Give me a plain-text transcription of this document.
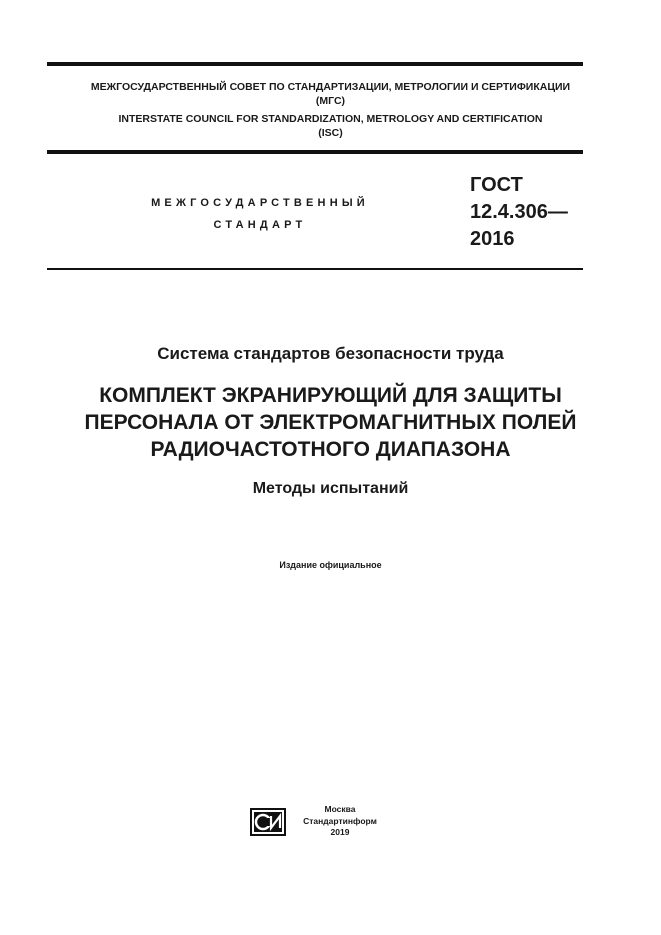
МЕЖГОСУДАРСТВЕННЫЙ СОВЕТ ПО СТАНДАРТИЗАЦИИ, МЕТРОЛОГИИ И СЕРТИФИКАЦИИ
(МГС)
INTERSTATE COUNCIL FOR STANDARDIZATION, METROLOGY AND CERTIFICATION
(ISC)
МЕЖГОСУДАРСТВЕННЫЙ
СТАНДАРТ
ГОСТ
12.4.306—
2016
Система стандартов безопасности труда
КОМПЛЕКТ ЭКРАНИРУЮЩИЙ ДЛЯ ЗАЩИТЫ
ПЕРСОНАЛА ОТ ЭЛЕКТРОМАГНИТНЫХ ПОЛЕЙ
РАДИОЧАСТОТНОГО ДИАПАЗОНА
Методы испытаний
Издание официальное
Москва
Стандартинформ
2019
